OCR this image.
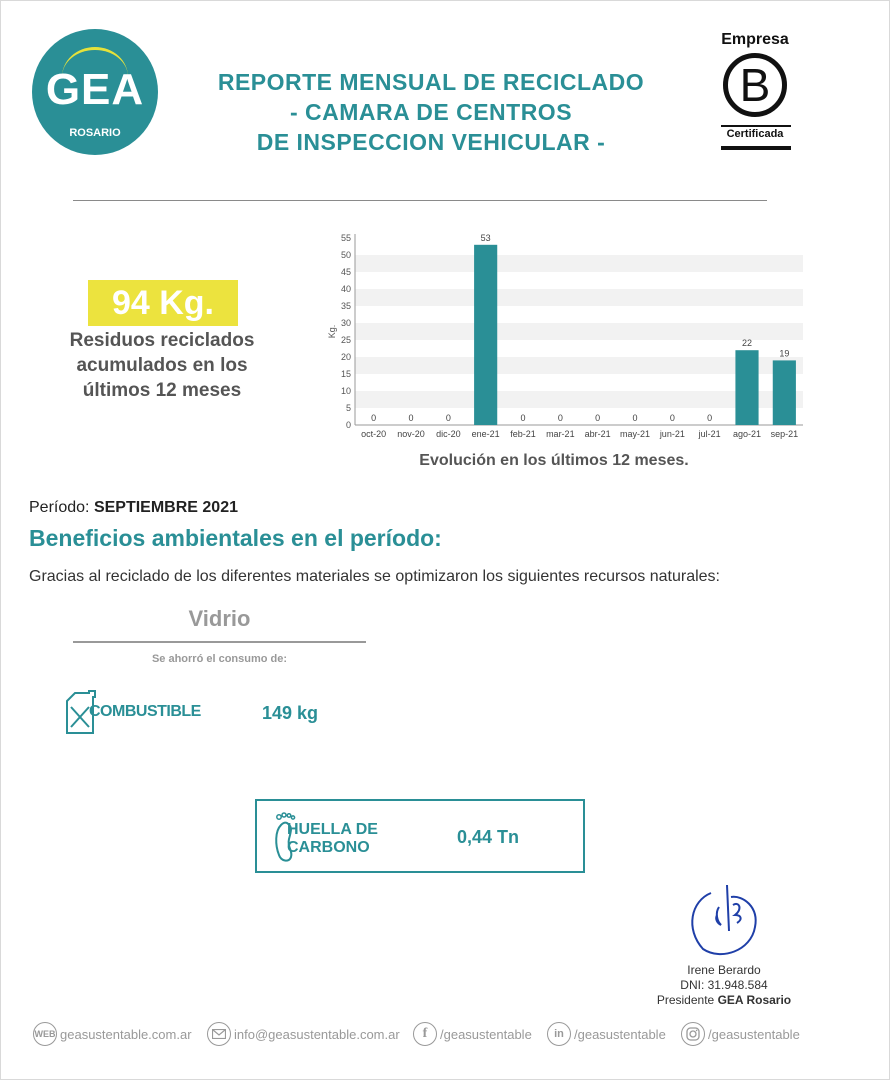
GEA
ROSARIO
REPORTE MENSUAL DE RECICLADO
- CAMARA DE CENTROS
DE INSPECCION VEHICULAR -
Empresa
B
Certificada
94 Kg.
Residuos reciclados acumulados en los últimos 12 meses
0
5
10
15
20
25
30
35
40
45
50
55
Kg.
0
oct-20
0
nov-20
0
dic-20
53
ene-21
0
feb-21
0
mar-21
0
abr-21
0
may-21
0
jun-21
0
jul-21
22
ago-21
19
sep-21
Evolución en los últimos 12 meses.
Período: SEPTIEMBRE 2021
Beneficios ambientales en el período:
Gracias al reciclado de los diferentes materiales se optimizaron los siguientes recursos naturales:
Vidrio
Se ahorró el consumo de:
COMBUSTIBLE	149 kg
HUELLA DE
CARBONO
0,44 Tn
Irene Berardo
DNI: 31.948.584
Presidente GEA Rosario
WEB geasustentable.com.ar	info@geasustentable.com.ar	f /geasustentable	in /geasustentable	/geasustentable
